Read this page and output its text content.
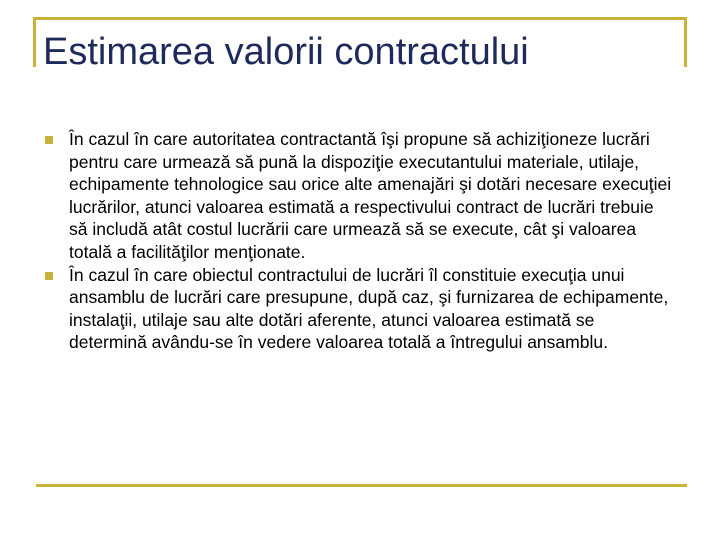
Estimarea valorii contractului
În cazul în care autoritatea contractantă îşi propune să achiziţioneze lucrări pentru care urmează să pună la dispoziţie executantului materiale, utilaje, echipamente tehnologice sau orice alte amenajări şi dotări necesare execuţiei lucrărilor, atunci valoarea estimată a respectivului contract de lucrări trebuie să includă atât costul lucrării care urmează să se execute, cât şi valoarea totală a facilităţilor menţionate.
În cazul în care obiectul contractului de lucrări îl constituie execuţia unui ansamblu de lucrări care presupune, după caz, şi furnizarea de echipamente, instalaţii, utilaje sau alte dotări aferente, atunci valoarea estimată se determină avându-se în vedere valoarea totală a întregului ansamblu.
